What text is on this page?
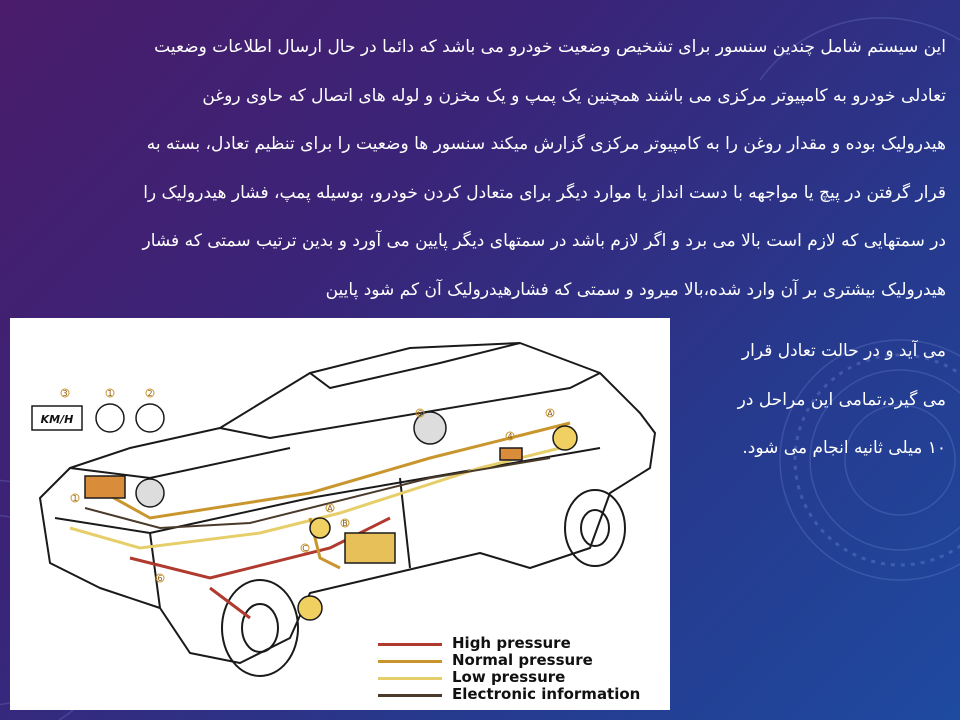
این سیستم شامل چندین سنسور برای تشخیص وضعیت خودرو می باشد که دائما در حال ارسال اطلاعات وضعیت
تعادلی خودرو به کامپیوتر مرکزی می باشند همچنین یک پمپ و یک مخزن و لوله های اتصال که حاوی روغن
هیدرولیک بوده و مقدار روغن را به کامپیوتر مرکزی گزارش میکند سنسور ها وضعیت را برای تنظیم تعادل، بسته به
قرار گرفتن در پیچ یا مواجهه با دست انداز یا موارد دیگر برای متعادل کردن خودرو، بوسیله پمپ، فشار هیدرولیک را
در سمتهایی که لازم است بالا می برد و اگر لازم باشد در سمتهای دیگر پایین می آورد و بدین ترتیب سمتی که فشار
هیدرولیک بیشتری بر آن وارد شده،بالا میرود و سمتی که فشارهیدرولیک آن کم شود پایین
می آید و در حالت تعادل قرار
می گیرد،تمامی این مراحل در
۱۰ میلی ثانیه انجام می شود.
KM/H
3	1	2
1
A
B
C
6
4
6
A
High pressure
Normal pressure
Low pressure
Electronic information
